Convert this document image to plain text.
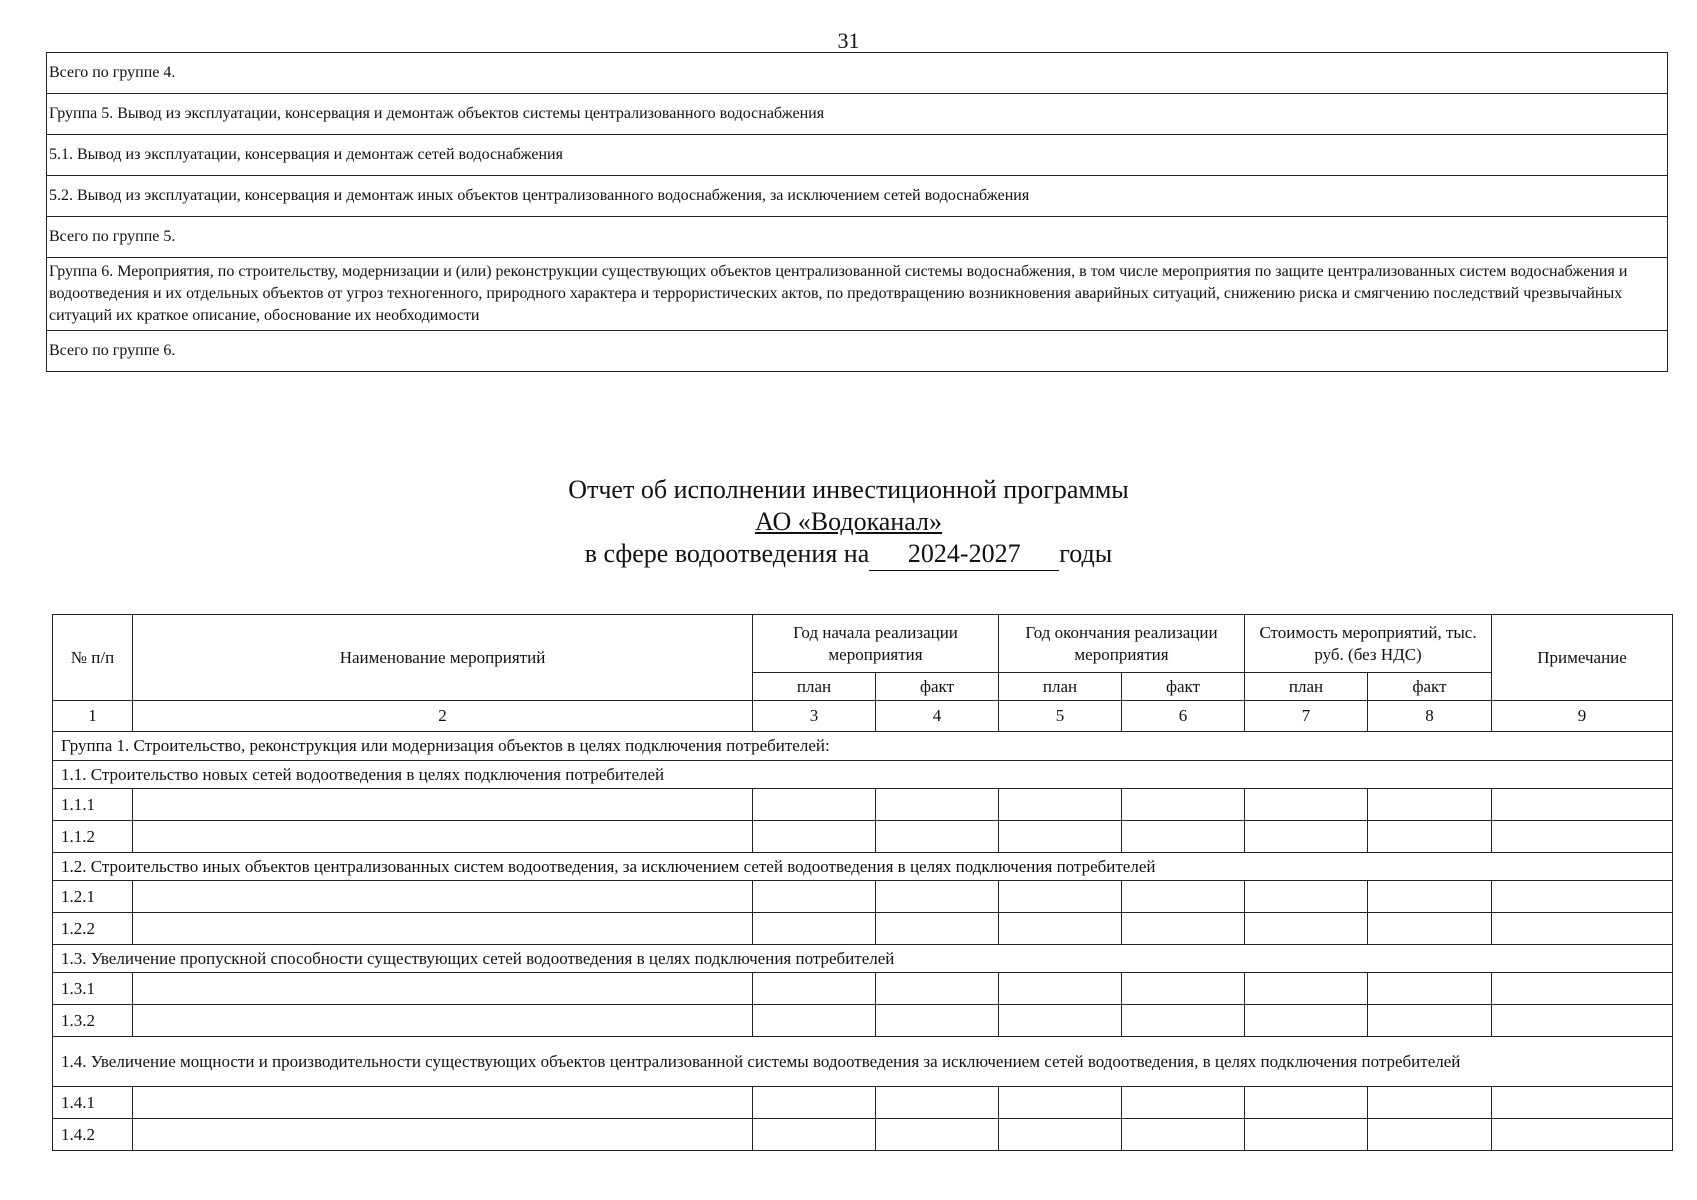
31
Всего по группе 4.
Группа 5. Вывод из эксплуатации, консервация и демонтаж объектов системы централизованного водоснабжения
5.1. Вывод из эксплуатации, консервация и демонтаж сетей водоснабжения
5.2. Вывод из эксплуатации, консервация и демонтаж иных объектов централизованного водоснабжения, за исключением сетей водоснабжения
Всего по группе 5.
Группа 6. Мероприятия, по строительству, модернизации и (или) реконструкции существующих объектов централизованной системы водоснабжения, в том числе мероприятия по защите централизованных систем водоснабжения и водоотведения и их отдельных объектов от угроз техногенного, природного характера и террористических актов, по предотвращению возникновения аварийных ситуаций, снижению риска и смягчению последствий чрезвычайных ситуаций их краткое описание, обоснование их необходимости
Всего по группе 6.
Отчет об исполнении инвестиционной программы
АО «Водоканал»
в сфере водоотведения на 2024-2027 годы
№ п/п	Наименование мероприятий	Год начала реализации мероприятия		Год окончания реализации мероприятия		Стоимость мероприятий, тыс. руб. (без НДС)		Примечание
		план	факт	план	факт	план	факт	
1	2	3	4	5	6	7	8	9
Группа 1. Строительство, реконструкция или модернизация объектов в целях подключения потребителей:								
1.1. Строительство новых сетей водоотведения в целях подключения потребителей								
1.1.1								
1.1.2								
1.2. Строительство иных объектов централизованных систем водоотведения, за исключением сетей водоотведения в целях подключения потребителей								
1.2.1								
1.2.2								
1.3. Увеличение пропускной способности существующих сетей водоотведения в целях подключения потребителей								
1.3.1								
1.3.2								
1.4. Увеличение мощности и производительности существующих объектов централизованной системы водоотведения за исключением сетей водоотведения, в целях подключения потребителей								
1.4.1								
1.4.2								
